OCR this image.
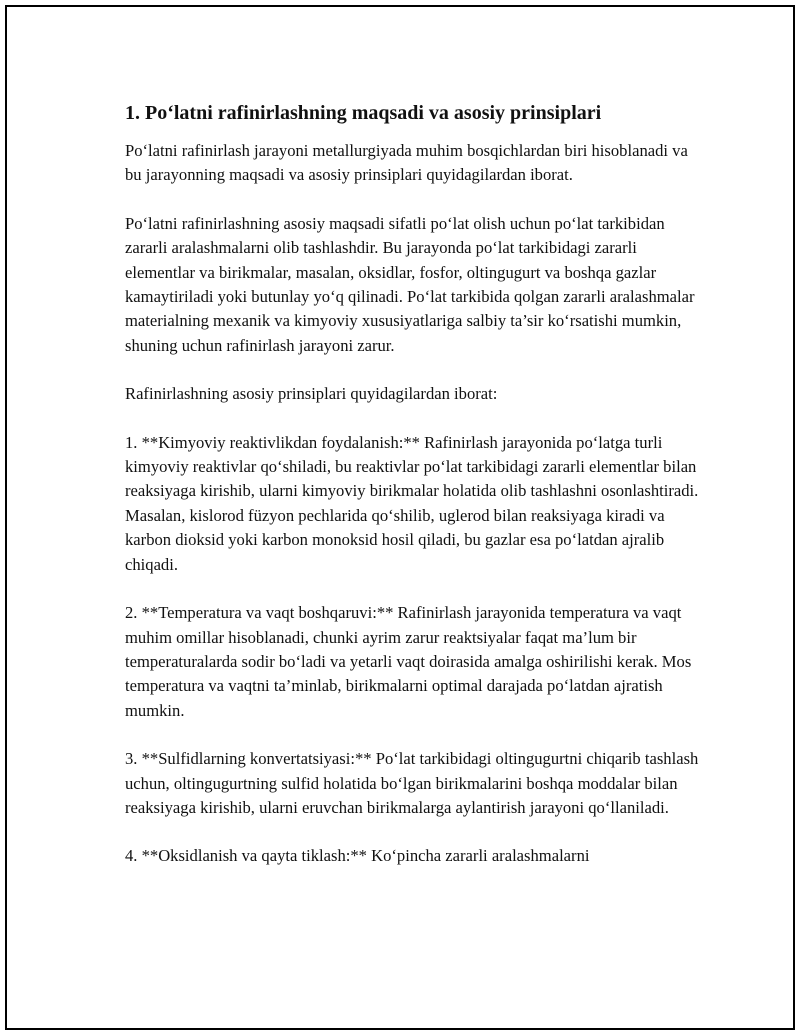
1. Po‘latni rafinirlashning maqsadi va asosiy prinsiplari

Po‘latni rafinirlash jarayoni metallurgiyada muhim bosqichlardan biri hisoblanadi va bu jarayonning maqsadi va asosiy prinsiplari quyidagilardan iborat.

Po‘latni rafinirlashning asosiy maqsadi sifatli po‘lat olish uchun po‘lat tarkibidan zararli aralashmalarni olib tashlashdir. Bu jarayonda po‘lat tarkibidagi zararli elementlar va birikmalar, masalan, oksidlar, fosfor, oltingugurt va boshqa gazlar kamaytiriladi yoki butunlay yo‘q qilinadi. Po‘lat tarkibida qolgan zararli aralashmalar materialning mexanik va kimyoviy xususiyatlariga salbiy ta’sir ko‘rsatishi mumkin, shuning uchun rafinirlash jarayoni zarur.

Rafinirlashning asosiy prinsiplari quyidagilardan iborat:

1. **Kimyoviy reaktivlikdan foydalanish:** Rafinirlash jarayonida po‘latga turli kimyoviy reaktivlar qo‘shiladi, bu reaktivlar po‘lat tarkibidagi zararli elementlar bilan reaksiyaga kirishib, ularni kimyoviy birikmalar holatida olib tashlashni osonlashtiradi. Masalan, kislorod füzyon pechlarida qo‘shilib, uglerod bilan reaksiyaga kiradi va karbon dioksid yoki karbon monoksid hosil qiladi, bu gazlar esa po‘latdan ajralib chiqadi.

2. **Temperatura va vaqt boshqaruvi:** Rafinirlash jarayonida temperatura va vaqt muhim omillar hisoblanadi, chunki ayrim zarur reaktsiyalar faqat ma’lum bir temperaturalarda sodir bo‘ladi va yetarli vaqt doirasida amalga oshirilishi kerak. Mos temperatura va vaqtni ta’minlab, birikmalarni optimal darajada po‘latdan ajratish mumkin.

3. **Sulfidlarning konvertatsiyasi:** Po‘lat tarkibidagi oltingugurtni chiqarib tashlash uchun, oltingugurtning sulfid holatida bo‘lgan birikmalarini boshqa moddalar bilan reaksiyaga kirishib, ularni eruvchan birikmalarga aylantirish jarayoni qo‘llaniladi.

4. **Oksidlanish va qayta tiklash:** Ko‘pincha zararli aralashmalarni
